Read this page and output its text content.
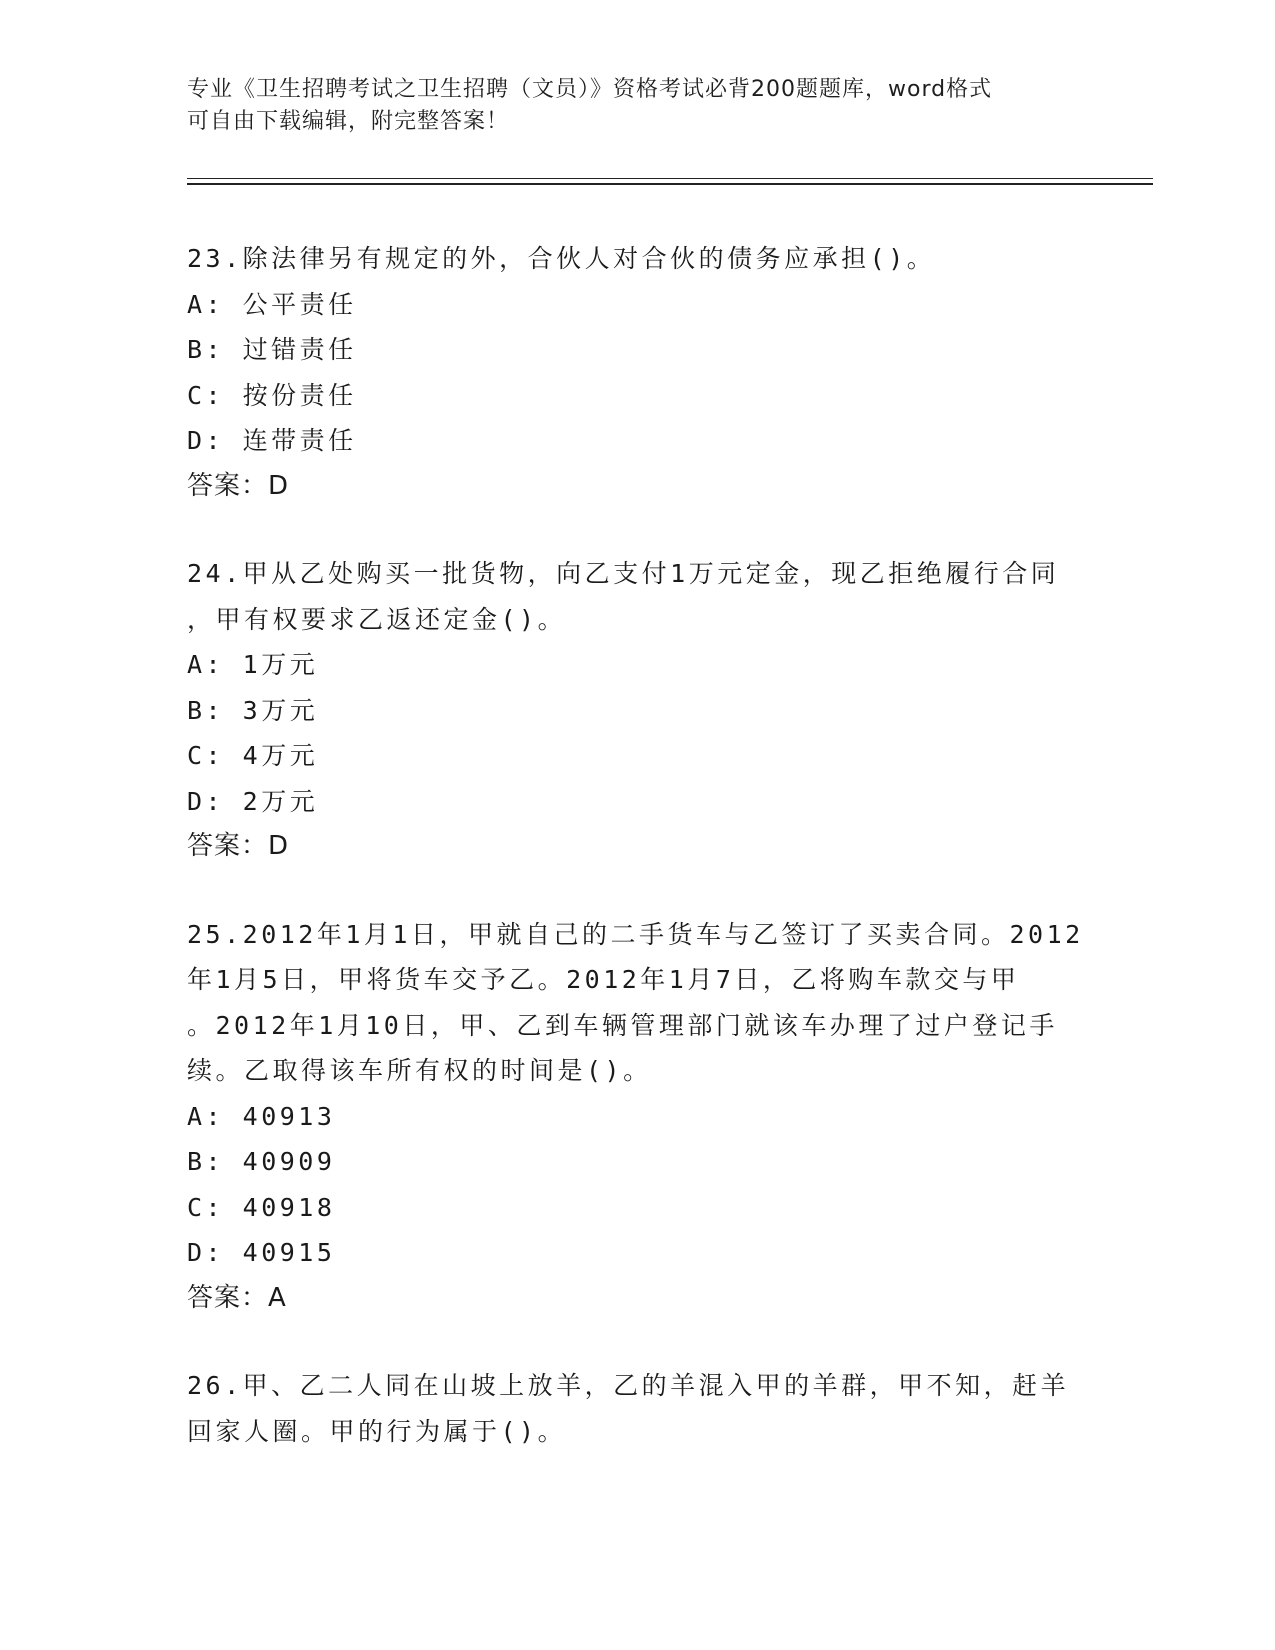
专业《卫生招聘考试之卫生招聘（文员）》资格考试必背200题题库，word格式
可自由下载编辑，附完整答案！
23.除法律另有规定的外，合伙人对合伙的债务应承担()。
A: 公平责任
B: 过错责任
C: 按份责任
D: 连带责任
答案：D
24.甲从乙处购买一批货物，向乙支付1万元定金，现乙拒绝履行合同
，甲有权要求乙返还定金()。
A: 1万元
B: 3万元
C: 4万元
D: 2万元
答案：D
25.2012年1月1日，甲就自己的二手货车与乙签订了买卖合同。2012
年1月5日，甲将货车交予乙。2012年1月7日，乙将购车款交与甲
。2012年1月10日，甲、乙到车辆管理部门就该车办理了过户登记手
续。乙取得该车所有权的时间是()。
A: 40913
B: 40909
C: 40918
D: 40915
答案：A
26.甲、乙二人同在山坡上放羊，乙的羊混入甲的羊群，甲不知，赶羊
回家人圈。甲的行为属于()。
